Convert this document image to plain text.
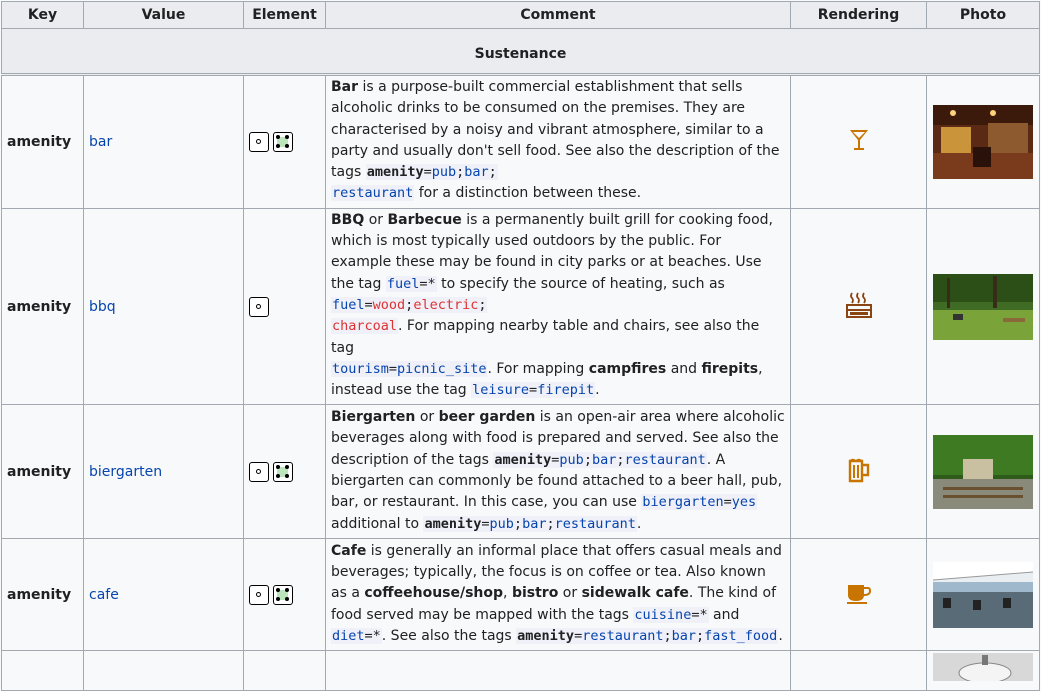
Key	Value	Element	Comment	Rendering	Photo
Sustenance					
amenity	bar		Bar is a purpose-built commercial establishment that sells alcoholic drinks to be consumed on the premises. They are characterised by a noisy and vibrant atmosphere, similar to a party and usually don't sell food. See also the description of the tags amenity=pub;bar;
restaurant for a distinction between these.		

amenity	bbq		BBQ or Barbecue is a permanently built grill for cooking food, which is most typically used outdoors by the public. For example these may be found in city parks or at beaches. Use the tag fuel=* to specify the source of heating, such as fuel=wood;electric;
charcoal. For mapping nearby table and chairs, see also the tag
tourism=picnic_site. For mapping campfires and firepits, instead use the tag leisure=firepit.		

amenity	biergarten		Biergarten or beer garden is an open-air area where alcoholic beverages along with food is prepared and served. See also the description of the tags amenity=pub;bar;restaurant. A biergarten can commonly be found attached to a beer hall, pub, bar, or restaurant. In this case, you can use biergarten=yes additional to amenity=pub;bar;restaurant.		

amenity	cafe		Cafe is generally an informal place that offers casual meals and beverages; typically, the focus is on coffee or tea. Also known as a coffeehouse/shop, bistro or sidewalk cafe. The kind of food served may be mapped with the tags cuisine=* and diet=*. See also the tags amenity=restaurant;bar;fast_food.		
